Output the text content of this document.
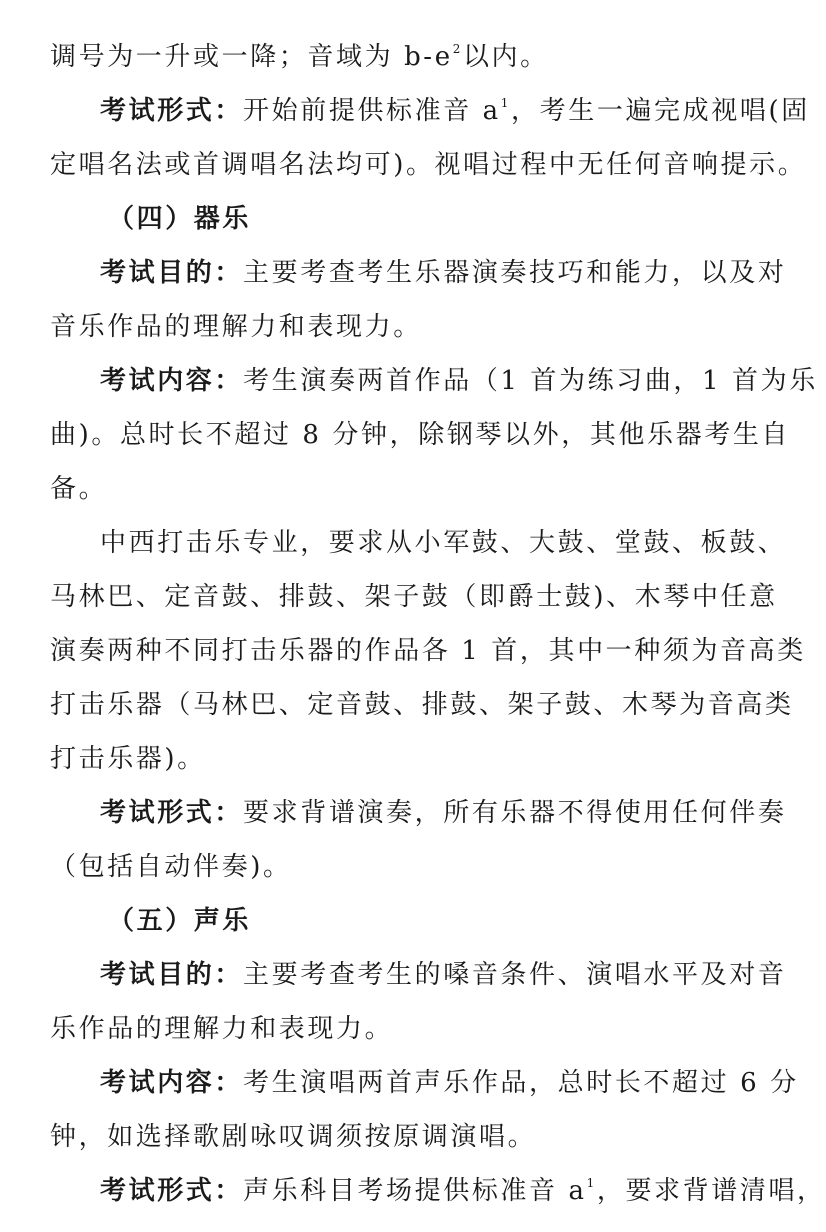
调号为一升或一降；音域为 $b-e^2$以内。
考试形式：开始前提供标准音 $a^1$，考生一遍完成视唱(固
定唱名法或首调唱名法均可)。视唱过程中无任何音响提示。
（四）器乐
考试目的：主要考查考生乐器演奏技巧和能力，以及对
音乐作品的理解力和表现力。
考试内容：考生演奏两首作品（1 首为练习曲，1 首为乐
曲)。总时长不超过 8 分钟，除钢琴以外，其他乐器考生自
备。
中西打击乐专业，要求从小军鼓、大鼓、堂鼓、板鼓、
马林巴、定音鼓、排鼓、架子鼓（即爵士鼓)、木琴中任意
演奏两种不同打击乐器的作品各 1 首，其中一种须为音高类
打击乐器（马林巴、定音鼓、排鼓、架子鼓、木琴为音高类
打击乐器)。
考试形式：要求背谱演奏，所有乐器不得使用任何伴奏
（包括自动伴奏)。
（五）声乐
考试目的：主要考查考生的嗓音条件、演唱水平及对音
乐作品的理解力和表现力。
考试内容：考生演唱两首声乐作品，总时长不超过 6 分
钟，如选择歌剧咏叹调须按原调演唱。
考试形式：声乐科目考场提供标准音 $a^1$，要求背谱清唱，
